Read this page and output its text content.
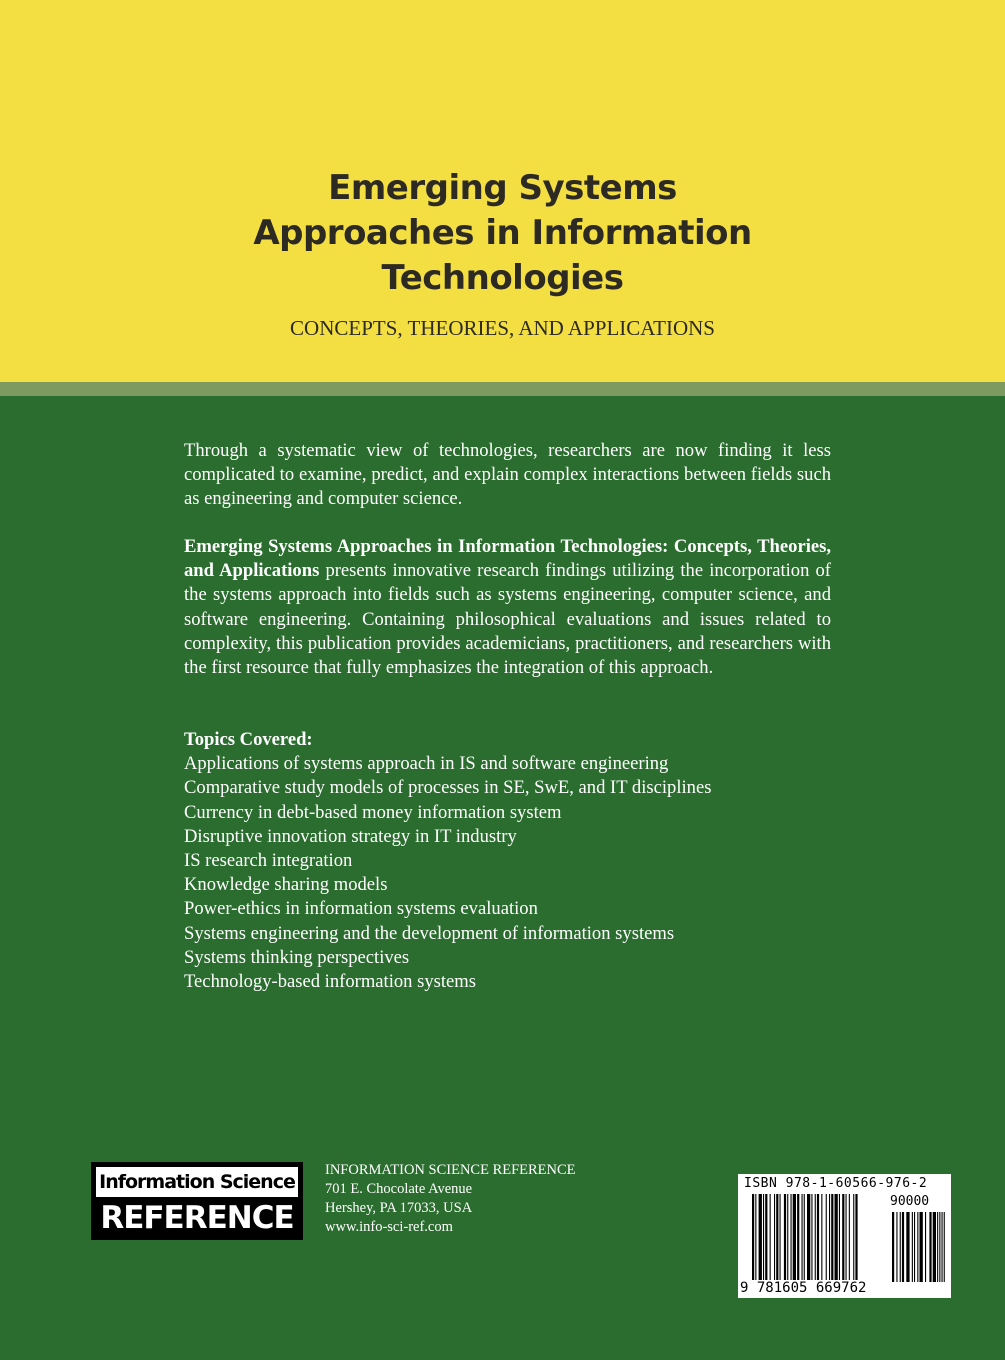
Emerging Systems
Approaches in Information
Technologies
CONCEPTS, THEORIES, AND APPLICATIONS
Through a systematic view of technologies, researchers are now finding it less complicated to examine, predict, and explain complex interactions between fields such as engineering and computer science.
Emerging Systems Approaches in Information Technologies: Concepts, Theories, and Applications presents innovative research findings utilizing the incorporation of the systems approach into fields such as systems engineering, computer science, and software engineering. Containing philosophical evaluations and issues related to complexity, this publication provides academicians, practitioners, and researchers with the first resource that fully emphasizes the integration of this approach.
Topics Covered:
Applications of systems approach in IS and software engineering
Comparative study models of processes in SE, SwE, and IT disciplines
Currency in debt-based money information system
Disruptive innovation strategy in IT industry
IS research integration
Knowledge sharing models
Power-ethics in information systems evaluation
Systems engineering and the development of information systems
Systems thinking perspectives
Technology-based information systems
Information Science
REFERENCE
INFORMATION SCIENCE REFERENCE
701 E. Chocolate Avenue
Hershey, PA 17033, USA
www.info-sci-ref.com
ISBN 978-1-60566-976-2
9 781605 669762
90000
